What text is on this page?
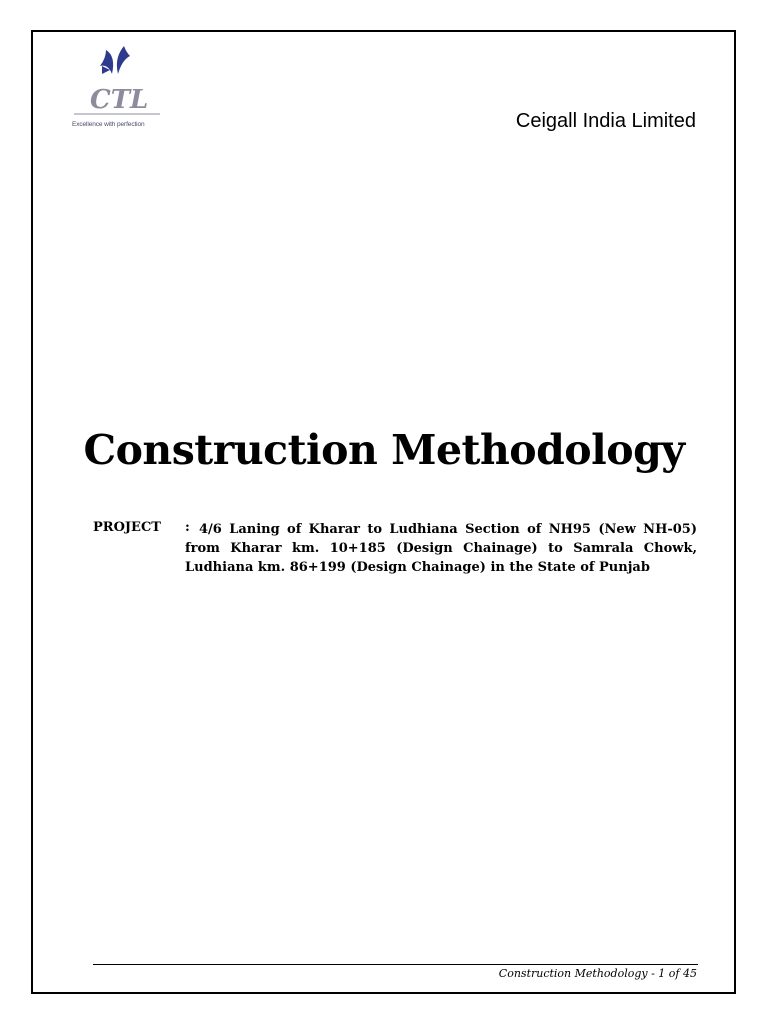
CTL
Excellence with perfection	Ceigall India Limited
Construction Methodology
PROJECT : 4/6 Laning of Kharar to Ludhiana Section of NH95 (New NH-05) from Kharar km. 10+185 (Design Chainage) to Samrala Chowk, Ludhiana km. 86+199 (Design Chainage) in the State of Punjab
Construction Methodology - 1 of 45
